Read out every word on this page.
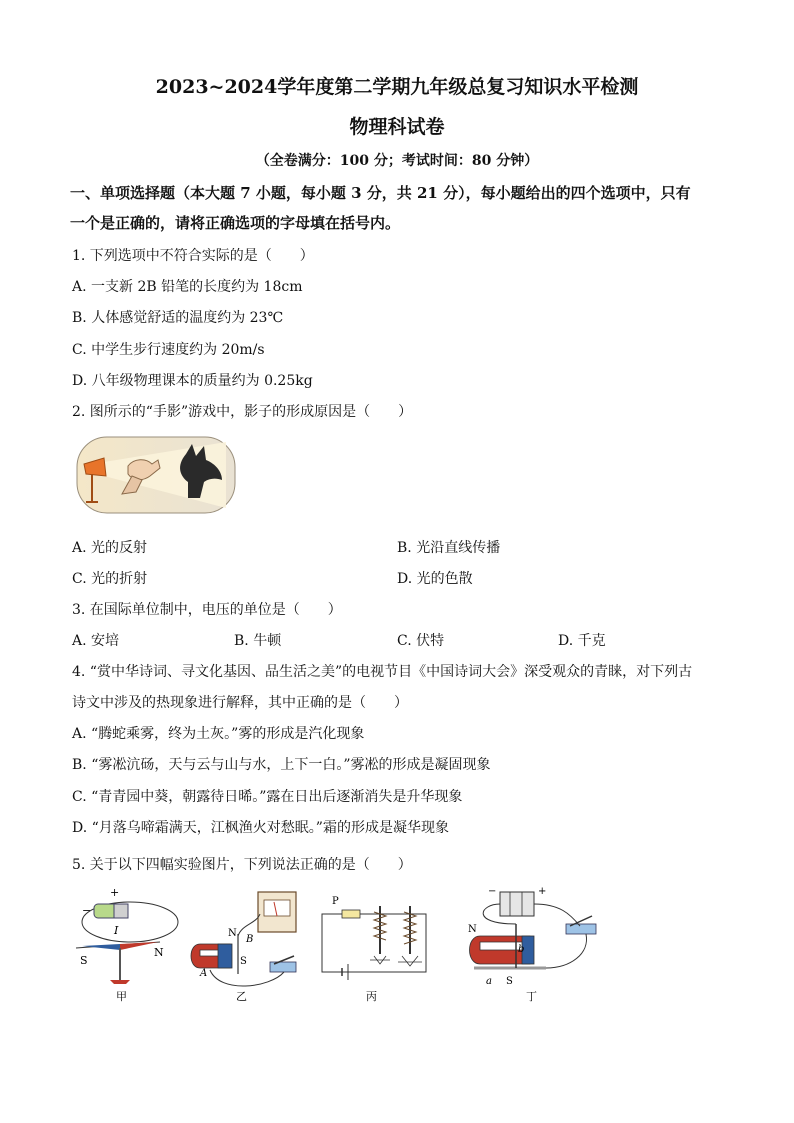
2023~2024学年度第二学期九年级总复习知识水平检测
物理科试卷
（全卷满分：100 分；考试时间：80 分钟）
一、单项选择题（本大题 7 小题，每小题 3 分，共 21 分），每小题给出的四个选项中，只有
一个是正确的，请将正确选项的字母填在括号内。
1. 下列选项中不符合实际的是（　　）
A. 一支新 2B 铅笔的长度约为 18cm
B. 人体感觉舒适的温度约为 23℃
C. 中学生步行速度约为 20m/s
D. 八年级物理课本的质量约为 0.25kg
2. 图所示的“手影”游戏中，影子的形成原因是（　　）
A. 光的反射	B. 光沿直线传播
C. 光的折射	D. 光的色散
3. 在国际单位制中，电压的单位是（　　）
A. 安培	B. 牛顿	C. 伏特	D. 千克
4. “赏中华诗词、寻文化基因、品生活之美”的电视节目《中国诗词大会》深受观众的青睐，对下列古
诗文中涉及的热现象进行解释，其中正确的是（　　）
A. “腾蛇乘雾，终为土灰。”雾的形成是汽化现象
B. “雾凇沆砀，天与云与山与水，上下一白。”雾凇的形成是凝固现象
C. “青青园中葵，朝露待日晞。”露在日出后逐渐消失是升华现象
D. “月落乌啼霜满天，江枫渔火对愁眠。”霜的形成是凝华现象
5. 关于以下四幅实验图片，下列说法正确的是（　　）
+
−
I
S
N
甲
B
A
N
S
乙
P
丙
−	+
N
b
a S
丁
